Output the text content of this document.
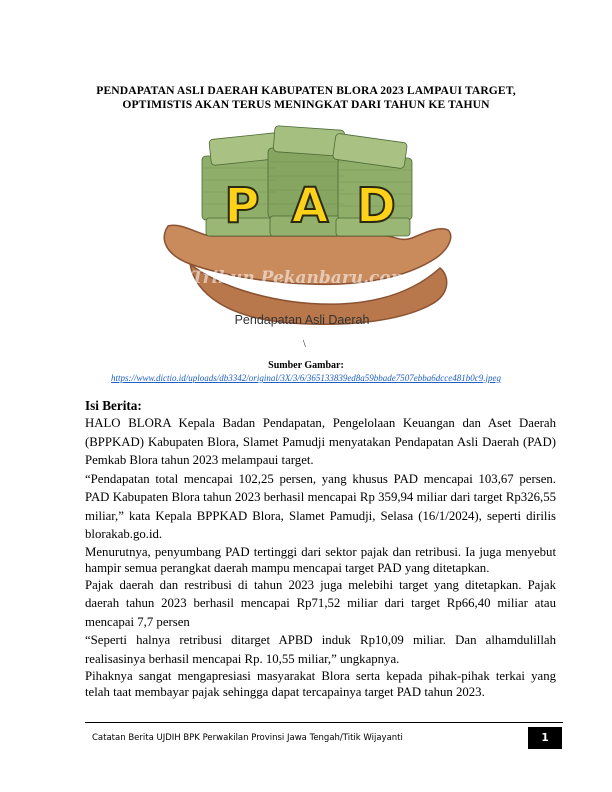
PENDAPATAN ASLI DAERAH KABUPATEN BLORA 2023 LAMPAUI TARGET,
OPTIMISTIS AKAN TERUS MENINGKAT DARI TAHUN KE TAHUN
P A D
Tribun Pekanbaru.com
Pendapatan Asli Daerah
\
Sumber Gambar:
https://www.dictio.id/uploads/db3342/original/3X/3/6/365133839ed8a59bbade7507ebba6dcce481b0c9.jpeg
Isi Berita:

HALO BLORA Kepala Badan Pendapatan, Pengelolaan Keuangan dan Aset Daerah (BPPKAD) Kabupaten Blora, Slamet Pamudji menyatakan Pendapatan Asli Daerah (PAD) Pemkab Blora tahun 2023 melampaui target.

“Pendapatan total mencapai 102,25 persen, yang khusus PAD mencapai 103,67 persen. PAD Kabupaten Blora tahun 2023 berhasil mencapai Rp 359,94 miliar dari target Rp326,55 miliar,” kata Kepala BPPKAD Blora, Slamet Pamudji, Selasa (16/1/2024), seperti dirilis blorakab.go.id.

Menurutnya, penyumbang PAD tertinggi dari sektor pajak dan retribusi. Ia juga menyebut hampir semua perangkat daerah mampu mencapai target PAD yang ditetapkan.

Pajak daerah dan restribusi di tahun 2023 juga melebihi target yang ditetapkan. Pajak daerah tahun 2023 berhasil mencapai Rp71,52 miliar dari target Rp66,40 miliar atau mencapai 7,7 persen

“Seperti halnya retribusi ditarget APBD induk Rp10,09 miliar. Dan alhamdulillah realisasinya berhasil mencapai Rp. 10,55 miliar,” ungkapnya.

Pihaknya sangat mengapresiasi masyarakat Blora serta kepada pihak-pihak terkai yang telah taat membayar pajak sehingga dapat tercapainya target PAD tahun 2023.

Catatan Berita UJDIH BPK Perwakilan Provinsi Jawa Tengah/Titik Wijayanti	1
